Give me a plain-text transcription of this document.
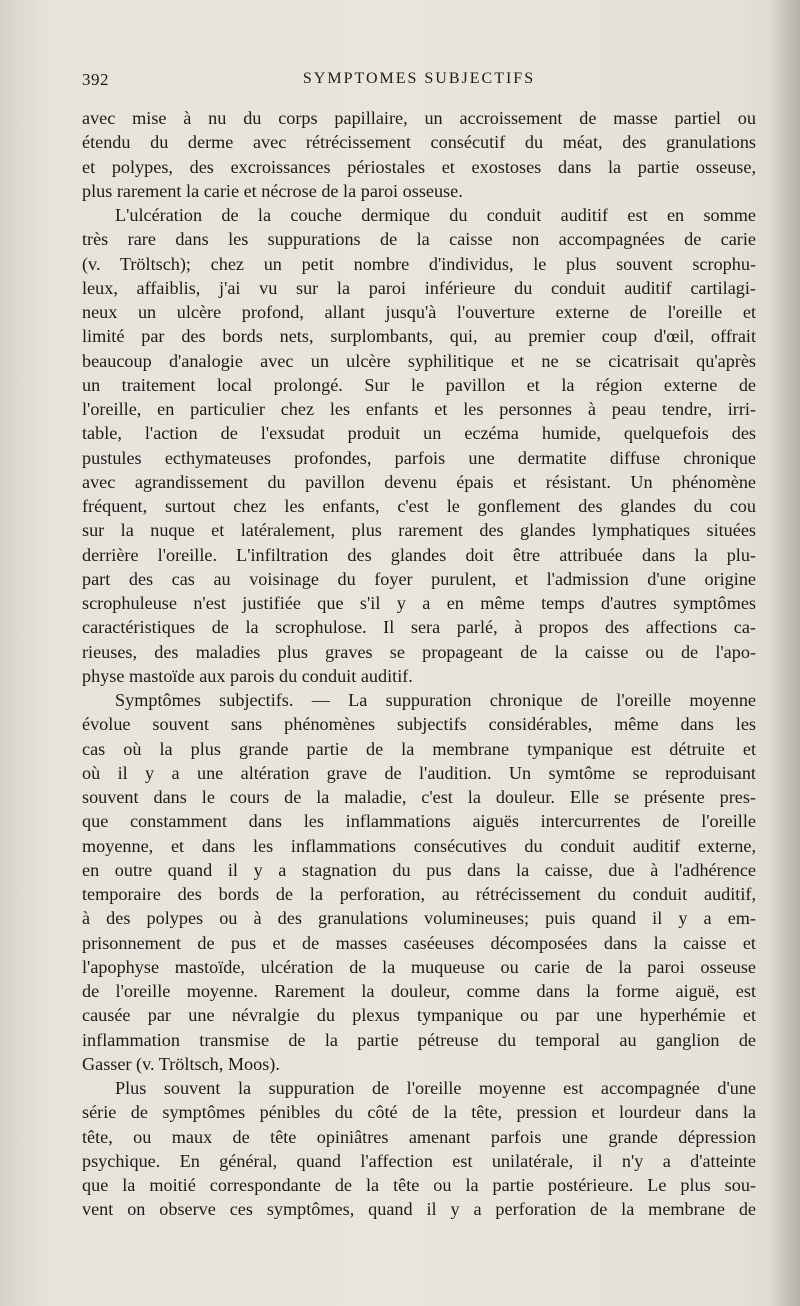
392	SYMPTOMES SUBJECTIFS
avec mise à nu du corps papillaire, un accroissement de masse partiel ou
étendu du derme avec rétrécissement consécutif du méat, des granulations
et polypes, des excroissances périostales et exostoses dans la partie osseuse,
plus rarement la carie et nécrose de la paroi osseuse.
L'ulcération de la couche dermique du conduit auditif est en somme
très rare dans les suppurations de la caisse non accompagnées de carie
(v. Tröltsch); chez un petit nombre d'individus, le plus souvent scrophu-
leux, affaiblis, j'ai vu sur la paroi inférieure du conduit auditif cartilagi-
neux un ulcère profond, allant jusqu'à l'ouverture externe de l'oreille et
limité par des bords nets, surplombants, qui, au premier coup d'œil, offrait
beaucoup d'analogie avec un ulcère syphilitique et ne se cicatrisait qu'après
un traitement local prolongé. Sur le pavillon et la région externe de
l'oreille, en particulier chez les enfants et les personnes à peau tendre, irri-
table, l'action de l'exsudat produit un eczéma humide, quelquefois des
pustules ecthymateuses profondes, parfois une dermatite diffuse chronique
avec agrandissement du pavillon devenu épais et résistant. Un phénomène
fréquent, surtout chez les enfants, c'est le gonflement des glandes du cou
sur la nuque et latéralement, plus rarement des glandes lymphatiques situées
derrière l'oreille. L'infiltration des glandes doit être attribuée dans la plu-
part des cas au voisinage du foyer purulent, et l'admission d'une origine
scrophuleuse n'est justifiée que s'il y a en même temps d'autres symptômes
caractéristiques de la scrophulose. Il sera parlé, à propos des affections ca-
rieuses, des maladies plus graves se propageant de la caisse ou de l'apo-
physe mastoïde aux parois du conduit auditif.
Symptômes subjectifs. — La suppuration chronique de l'oreille moyenne
évolue souvent sans phénomènes subjectifs considérables, même dans les
cas où la plus grande partie de la membrane tympanique est détruite et
où il y a une altération grave de l'audition. Un symtôme se reproduisant
souvent dans le cours de la maladie, c'est la douleur. Elle se présente pres-
que constamment dans les inflammations aiguës intercurrentes de l'oreille
moyenne, et dans les inflammations consécutives du conduit auditif externe,
en outre quand il y a stagnation du pus dans la caisse, due à l'adhérence
temporaire des bords de la perforation, au rétrécissement du conduit auditif,
à des polypes ou à des granulations volumineuses; puis quand il y a em-
prisonnement de pus et de masses caséeuses décomposées dans la caisse et
l'apophyse mastoïde, ulcération de la muqueuse ou carie de la paroi osseuse
de l'oreille moyenne. Rarement la douleur, comme dans la forme aiguë, est
causée par une névralgie du plexus tympanique ou par une hyperhémie et
inflammation transmise de la partie pétreuse du temporal au ganglion de
Gasser (v. Tröltsch, Moos).
Plus souvent la suppuration de l'oreille moyenne est accompagnée d'une
série de symptômes pénibles du côté de la tête, pression et lourdeur dans la
tête, ou maux de tête opiniâtres amenant parfois une grande dépression
psychique. En général, quand l'affection est unilatérale, il n'y a d'atteinte
que la moitié correspondante de la tête ou la partie postérieure. Le plus sou-
vent on observe ces symptômes, quand il y a perforation de la membrane de
